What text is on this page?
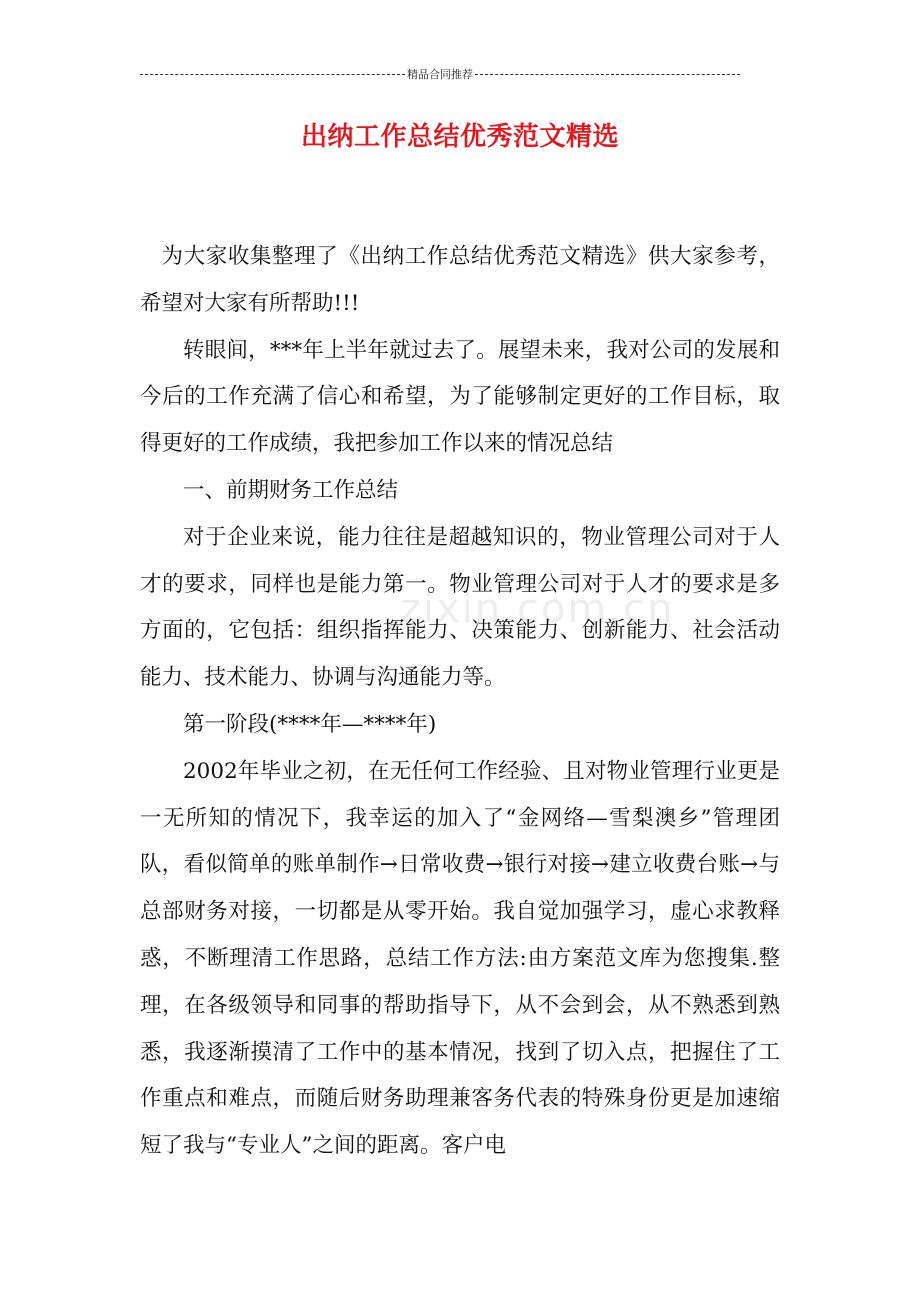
精品合同推荐
出纳工作总结优秀范文精选
zixin.com.cn

为大家收集整理了《出纳工作总结优秀范文精选》供大家参考，希望对大家有所帮助!!!

转眼间，***年上半年就过去了。展望未来，我对公司的发展和今后的工作充满了信心和希望，为了能够制定更好的工作目标，取得更好的工作成绩，我把参加工作以来的情况总结

一、前期财务工作总结

对于企业来说，能力往往是超越知识的，物业管理公司对于人才的要求，同样也是能力第一。物业管理公司对于人才的要求是多方面的，它包括：组织指挥能力、决策能力、创新能力、社会活动能力、技术能力、协调与沟通能力等。

第一阶段(****年—****年)

2002年毕业之初，在无任何工作经验、且对物业管理行业更是一无所知的情况下，我幸运的加入了“金网络—雪梨澳乡”管理团队，看似简单的账单制作→日常收费→银行对接→建立收费台账→与总部财务对接，一切都是从零开始。我自觉加强学习，虚心求教释惑，不断理清工作思路，总结工作方法:由方案范文库为您搜集.整理，在各级领导和同事的帮助指导下，从不会到会，从不熟悉到熟悉，我逐渐摸清了工作中的基本情况，找到了切入点，把握住了工作重点和难点，而随后财务助理兼客务代表的特殊身份更是加速缩短了我与“专业人”之间的距离。客户电
